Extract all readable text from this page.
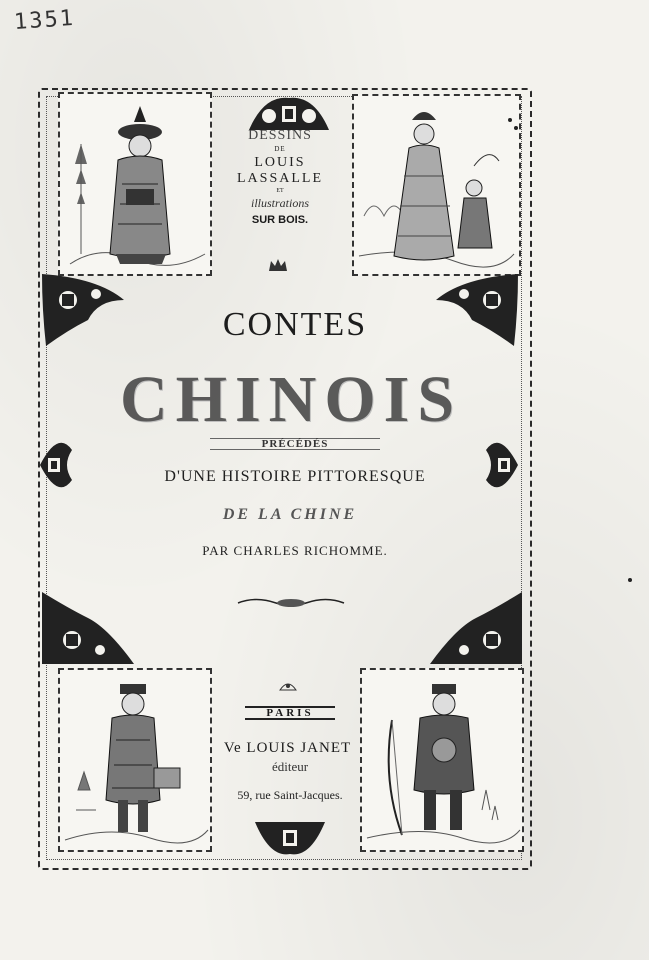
1351
DESSINS
DE
LOUIS LASSALLE
ET
illustrations
SUR BOIS.
CONTES
CHINOIS
PRÉCÉDÉS
D'UNE HISTOIRE PITTORESQUE
DE LA CHINE
PAR CHARLES RICHOMME.
PARIS
Ve LOUIS JANET
éditeur
59, rue Saint-Jacques.
